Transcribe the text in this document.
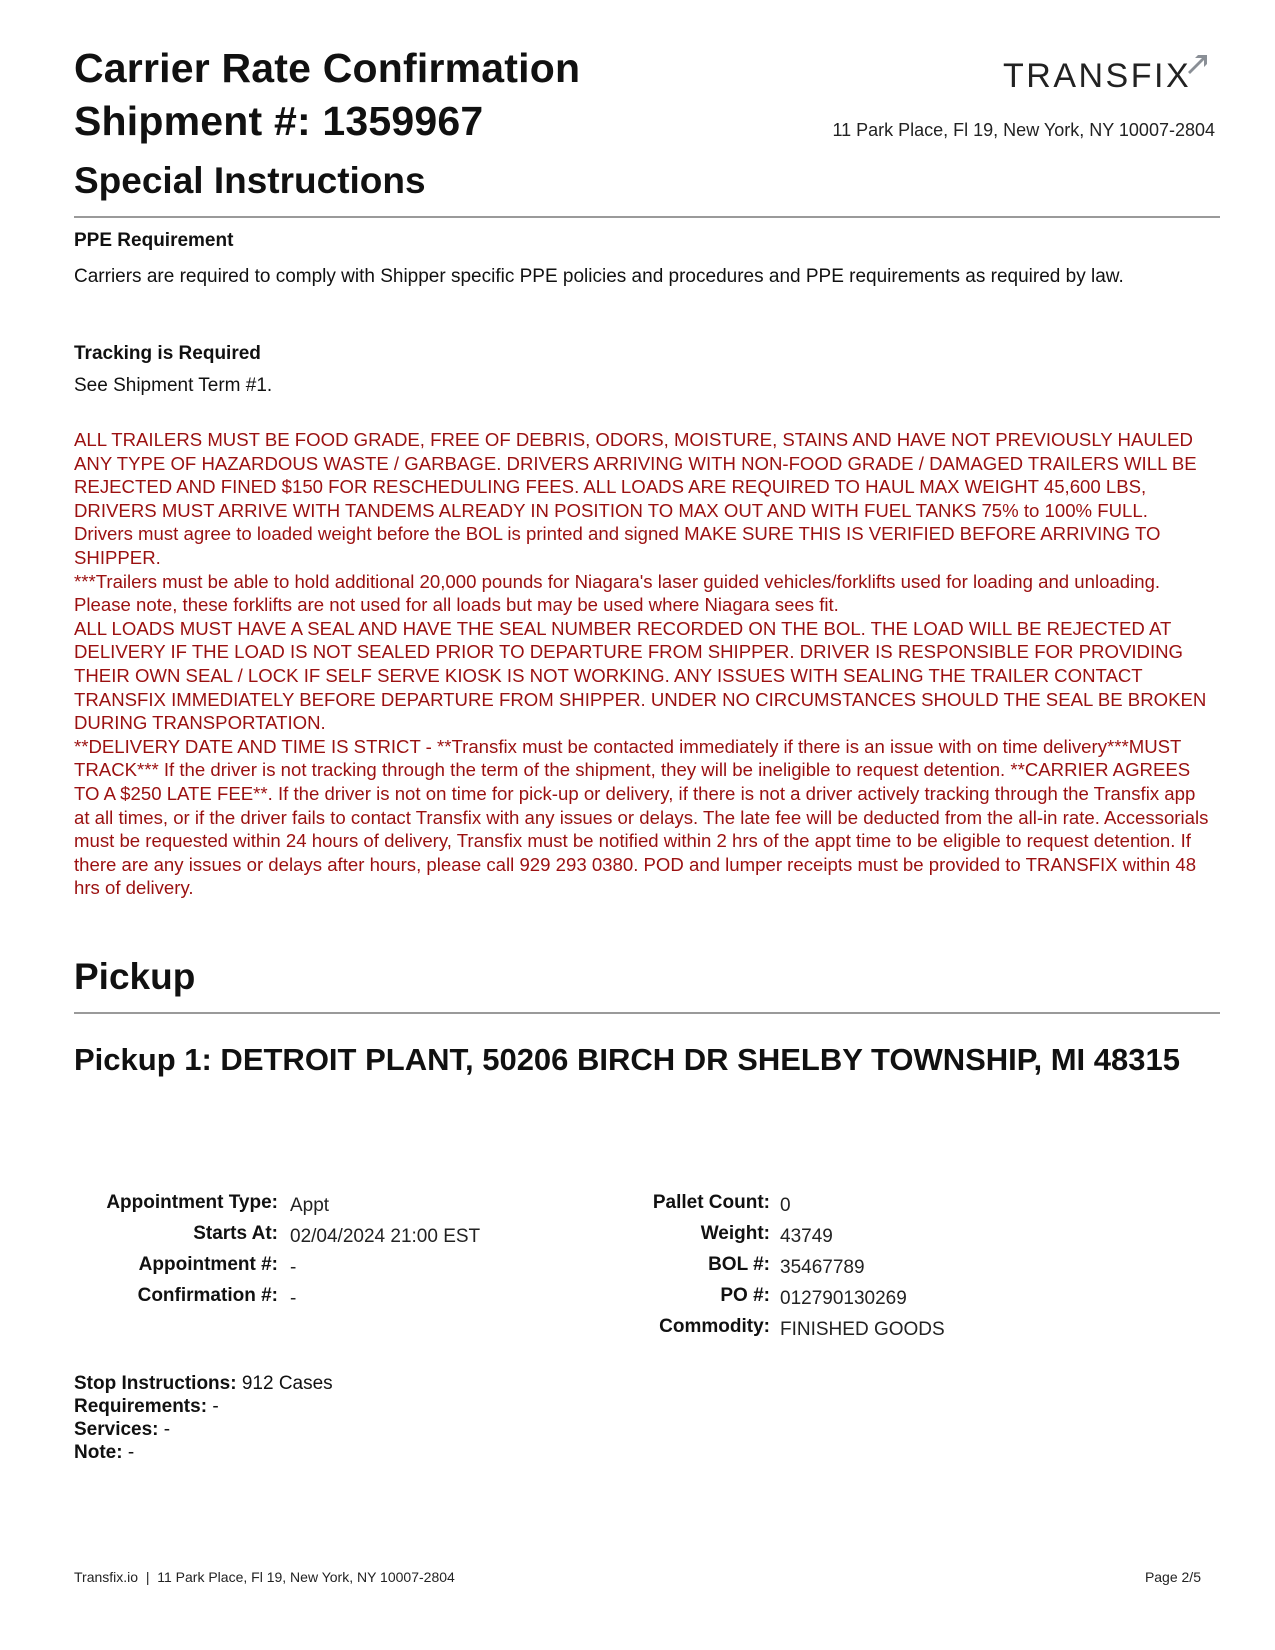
Carrier Rate Confirmation
Shipment #: 1359967
TRANSFIX
11 Park Place, Fl 19, New York, NY 10007-2804
Special Instructions
PPE Requirement
Carriers are required to comply with Shipper specific PPE policies and procedures and PPE requirements as required by law.
Tracking is Required
See Shipment Term #1.

ALL TRAILERS MUST BE FOOD GRADE, FREE OF DEBRIS, ODORS, MOISTURE, STAINS AND HAVE NOT PREVIOUSLY HAULED ANY TYPE OF HAZARDOUS WASTE / GARBAGE. DRIVERS ARRIVING WITH NON-FOOD GRADE / DAMAGED TRAILERS WILL BE REJECTED AND FINED $150 FOR RESCHEDULING FEES. ALL LOADS ARE REQUIRED TO HAUL MAX WEIGHT 45,600 LBS, DRIVERS MUST ARRIVE WITH TANDEMS ALREADY IN POSITION TO MAX OUT AND WITH FUEL TANKS 75% to 100% FULL.

Drivers must agree to loaded weight before the BOL is printed and signed MAKE SURE THIS IS VERIFIED BEFORE ARRIVING TO SHIPPER.

***Trailers must be able to hold additional 20,000 pounds for Niagara's laser guided vehicles/forklifts used for loading and unloading. Please note, these forklifts are not used for all loads but may be used where Niagara sees fit.

ALL LOADS MUST HAVE A SEAL AND HAVE THE SEAL NUMBER RECORDED ON THE BOL. THE LOAD WILL BE REJECTED AT DELIVERY IF THE LOAD IS NOT SEALED PRIOR TO DEPARTURE FROM SHIPPER. DRIVER IS RESPONSIBLE FOR PROVIDING THEIR OWN SEAL / LOCK IF SELF SERVE KIOSK IS NOT WORKING. ANY ISSUES WITH SEALING THE TRAILER CONTACT TRANSFIX IMMEDIATELY BEFORE DEPARTURE FROM SHIPPER. UNDER NO CIRCUMSTANCES SHOULD THE SEAL BE BROKEN DURING TRANSPORTATION.

**DELIVERY DATE AND TIME IS STRICT - **Transfix must be contacted immediately if there is an issue with on time delivery***MUST TRACK*** If the driver is not tracking through the term of the shipment, they will be ineligible to request detention. **CARRIER AGREES TO A $250 LATE FEE**. If the driver is not on time for pick-up or delivery, if there is not a driver actively tracking through the Transfix app at all times, or if the driver fails to contact Transfix with any issues or delays. The late fee will be deducted from the all-in rate. Accessorials must be requested within 24 hours of delivery, Transfix must be notified within 2 hrs of the appt time to be eligible to request detention. If there are any issues or delays after hours, please call 929 293 0380. POD and lumper receipts must be provided to TRANSFIX within 48 hrs of delivery.

Pickup
Pickup 1: DETROIT PLANT, 50206 BIRCH DR SHELBY TOWNSHIP, MI 48315
Appointment Type: Appt
Starts At: 02/04/2024 21:00 EST
Appointment #: -
Confirmation #: -
Pallet Count: 0
Weight: 43749
BOL #: 35467789
PO #: 012790130269
Commodity: FINISHED GOODS
Stop Instructions: 912 Cases
Requirements: -
Services: -
Note: -
Transfix.io  |  11 Park Place, Fl 19, New York, NY 10007-2804	Page 2/5
